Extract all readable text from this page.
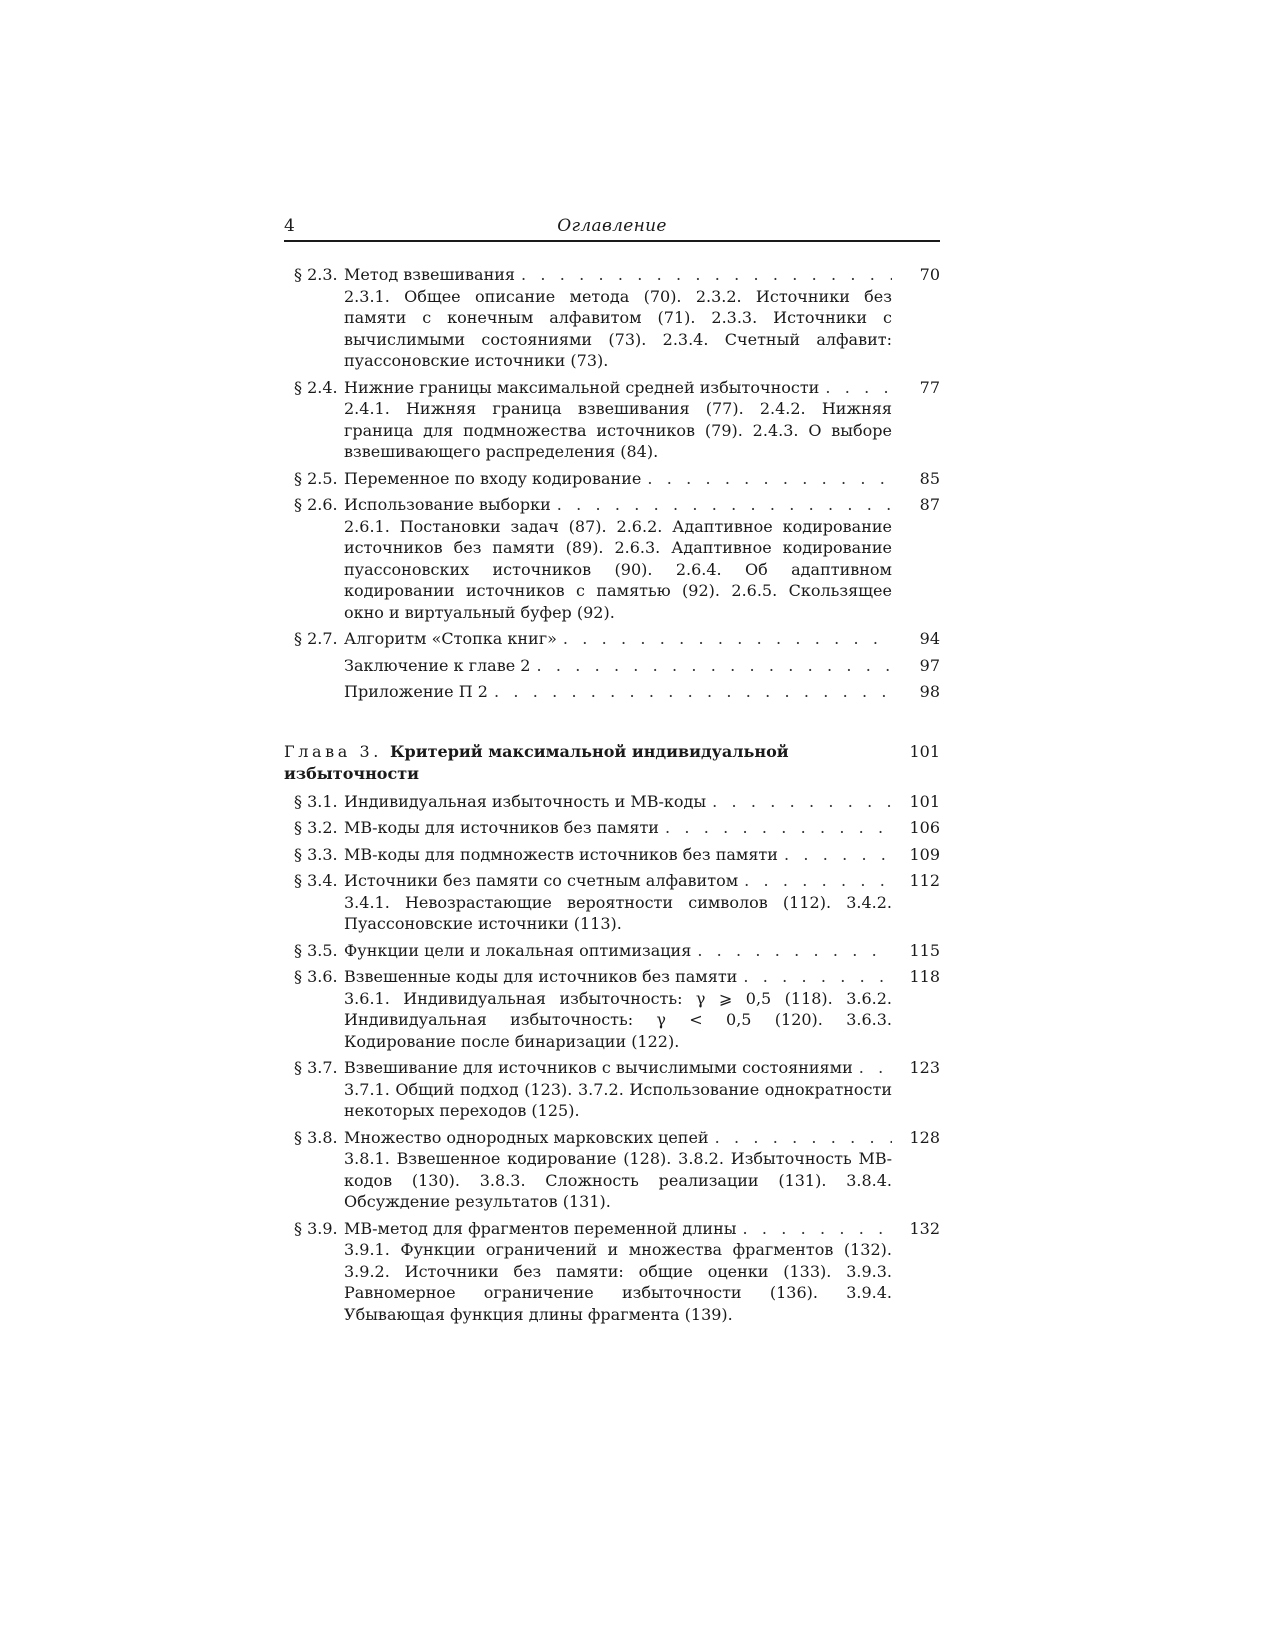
4	Оглавление
§ 2.3. Метод взвешивания . . .	70
2.3.1. Общее описание метода (70). 2.3.2. Источники без памяти с конечным алфавитом (71). 2.3.3. Источники с вычислимыми состояниями (73). 2.3.4. Счетный алфавит: пуассоновские источники (73).
§ 2.4. Нижние границы максимальной средней избыточности . . .	77
2.4.1. Нижняя граница взвешивания (77). 2.4.2. Нижняя граница для подмножества источников (79). 2.4.3. О выборе взвешивающего распределения (84).
§ 2.5. Переменное по входу кодирование . . .	85
§ 2.6. Использование выборки . . .	87
2.6.1. Постановки задач (87). 2.6.2. Адаптивное кодирование источников без памяти (89). 2.6.3. Адаптивное кодирование пуассоновских источников (90). 2.6.4. Об адаптивном кодировании источников с памятью (92). 2.6.5. Скользящее окно и виртуальный буфер (92).
§ 2.7. Алгоритм «Стопка книг» . . .	94
Заключение к главе 2 . . .	97
Приложение П 2 . . .	98
Глава 3. Критерий максимальной индивидуальной избыточности
101
§ 3.1. Индивидуальная избыточность и МВ-коды . . .	101
§ 3.2. МВ-коды для источников без памяти . . .	106
§ 3.3. МВ-коды для подмножеств источников без памяти . . .	109
§ 3.4. Источники без памяти со счетным алфавитом . . .	112
3.4.1. Невозрастающие вероятности символов (112). 3.4.2. Пуассоновские источники (113).
§ 3.5. Функции цели и локальная оптимизация . . .	115
§ 3.6. Взвешенные коды для источников без памяти . . .	118
3.6.1. Индивидуальная избыточность: γ ⩾ 0,5 (118). 3.6.2. Индивидуальная избыточность: γ < 0,5 (120). 3.6.3. Кодирование после бинаризации (122).
§ 3.7. Взвешивание для источников с вычислимыми состояниями . . .	123
3.7.1. Общий подход (123). 3.7.2. Использование однократности некоторых переходов (125).
§ 3.8. Множество однородных марковских цепей . . .	128
3.8.1. Взвешенное кодирование (128). 3.8.2. Избыточность МВ-кодов (130). 3.8.3. Сложность реализации (131). 3.8.4. Обсуждение результатов (131).
§ 3.9. МВ-метод для фрагментов переменной длины . . .	132
3.9.1. Функции ограничений и множества фрагментов (132). 3.9.2. Источники без памяти: общие оценки (133). 3.9.3. Равномерное ограничение избыточности (136). 3.9.4. Убывающая функция длины фрагмента (139).
